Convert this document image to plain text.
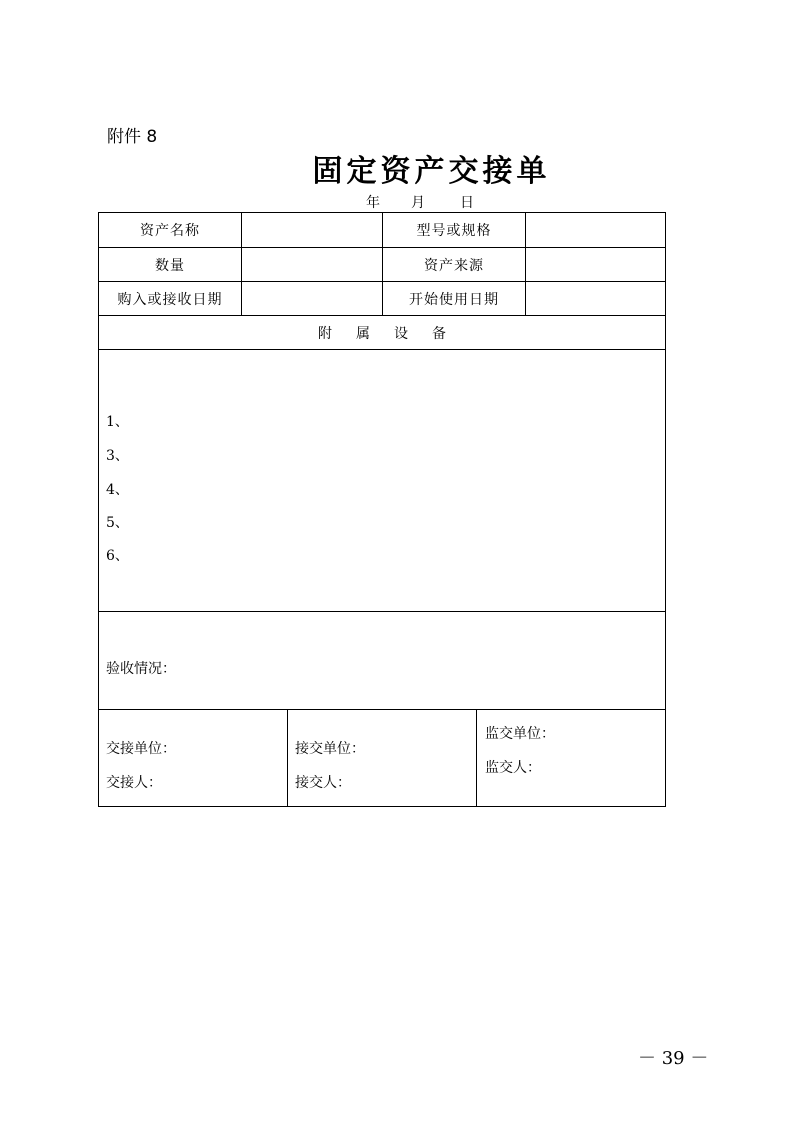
附件 8
固定资产交接单
年 月	日
资产名称	型号或规格
数量	资产来源
购入或接收日期	开始使用日期
附属设备
1、
3、
4、
5、
6、
验收情况：
交接单位：
交接人：
接交单位：
接交人：
监交单位：
监交人：
－ 39 －
